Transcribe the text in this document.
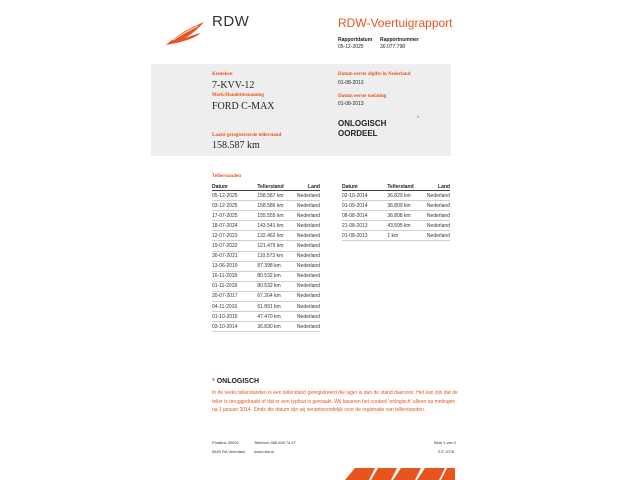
RDW	RDW-Voertuigrapport
Rapportdatum
05-12-2025
Rapportnummer
30.077.798
Kenteken
7-KVV-12
Merk/Handelsbenaming
FORD C-MAX
Laatst geregistreerde tellerstand
158.587 km
Datum eerste afgifte in Nederland
01-08-2013
Datum eerste toelating
01-08-2013
ONLOGISCH OORDEEL
*
Tellerstanden
Datum	Tellerstand	Land
05-12-2025	158.587 km	Nederland
03-12-2025	158.586 km	Nederland
17-07-2025	155.555 km	Nederland
18-07-2024	143.541 km	Nederland
12-07-2023	132.462 km	Nederland
19-07-2022	121.479 km	Nederland
30-07-2021	110.573 km	Nederland
13-06-2019	87.398 km	Nederland
16-11-2018	80.532 km	Nederland
01-11-2018	80.532 km	Nederland
20-07-2017	67.264 km	Nederland
04-11-2016	61.891 km	Nederland
01-10-2015	47.470 km	Nederland
03-10-2014	36.830 km	Nederland
Datum	Tellerstand	Land
02-10-2014	36.829 km	Nederland
01-09-2014	36.809 km	Nederland
08-08-2014	36.808 km	Nederland
21-08-2013	43.595 km	Nederland
01-08-2013	1 km	Nederland
* ONLOGISCH
In de reeks tellerstanden is een tellerstand geregistreerd die lager is dan de stand daarvoor. Het kan zijn dat de teller is teruggedraaid of dat er een typfout is gemaakt. Wij baseren het oordeel 'onlogisch' alleen op metingen na 1 januari 2014. Sinds die datum zijn wij verantwoordelijk voor de registratie van tellerstanden.
Postbus 30000
9640 RA Veendam
Telefoon 088 008 74 47
www.rdw.nl
Blad 1 van 2
2.E.1078
